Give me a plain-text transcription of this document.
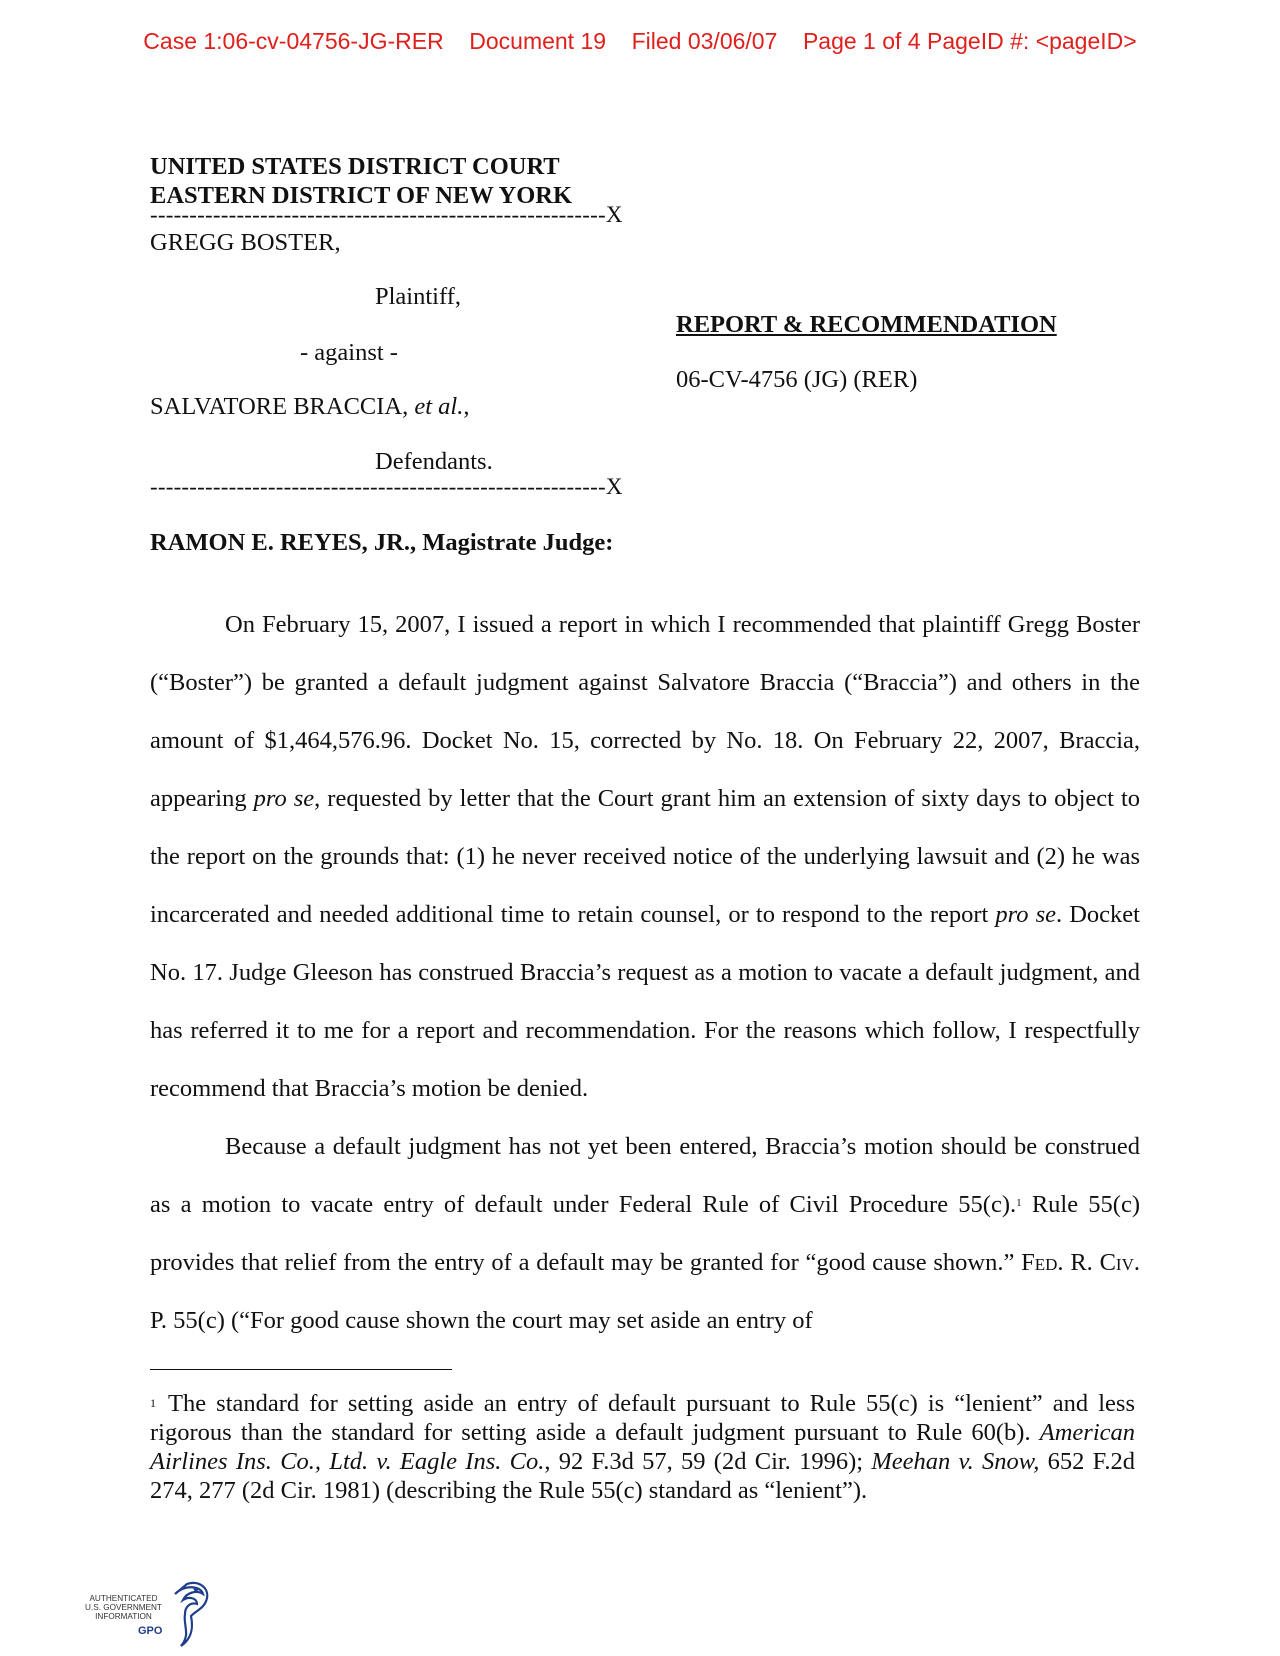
Case 1:06-cv-04756-JG-RER    Document 19    Filed 03/06/07    Page 1 of 4 PageID #: <pageID>
UNITED STATES DISTRICT COURT
EASTERN DISTRICT OF NEW YORK
----------------------------------------------------------X
GREGG BOSTER,
Plaintiff,
REPORT & RECOMMENDATION
- against -
06-CV-4756 (JG) (RER)
SALVATORE BRACCIA, et al.,
Defendants.
----------------------------------------------------------X
RAMON E. REYES, JR., Magistrate Judge:

On February 15, 2007, I issued a report in which I recommended that plaintiff Gregg Boster (“Boster”) be granted a default judgment against Salvatore Braccia (“Braccia”) and others in the amount of $1,464,576.96. Docket No. 15, corrected by No. 18. On February 22, 2007, Braccia, appearing pro se, requested by letter that the Court grant him an extension of sixty days to object to the report on the grounds that: (1) he never received notice of the underlying lawsuit and (2) he was incarcerated and needed additional time to retain counsel, or to respond to the report pro se. Docket No. 17. Judge Gleeson has construed Braccia’s request as a motion to vacate a default judgment, and has referred it to me for a report and recommendation. For the reasons which follow, I respectfully recommend that Braccia’s motion be denied.

Because a default judgment has not yet been entered, Braccia’s motion should be construed as a motion to vacate entry of default under Federal Rule of Civil Procedure 55(c).$^1$ Rule 55(c) provides that relief from the entry of a default may be granted for “good cause shown.” Fed. R. Civ. P. 55(c) (“For good cause shown the court may set aside an entry of

$^1$ The standard for setting aside an entry of default pursuant to Rule 55(c) is “lenient” and less rigorous than the standard for setting aside a default judgment pursuant to Rule 60(b). American Airlines Ins. Co., Ltd. v. Eagle Ins. Co., 92 F.3d 57, 59 (2d Cir. 1996); Meehan v. Snow, 652 F.2d 274, 277 (2d Cir. 1981) (describing the Rule 55(c) standard as “lenient”).
AUTHENTICATED
U.S. GOVERNMENT
INFORMATION
GPO
